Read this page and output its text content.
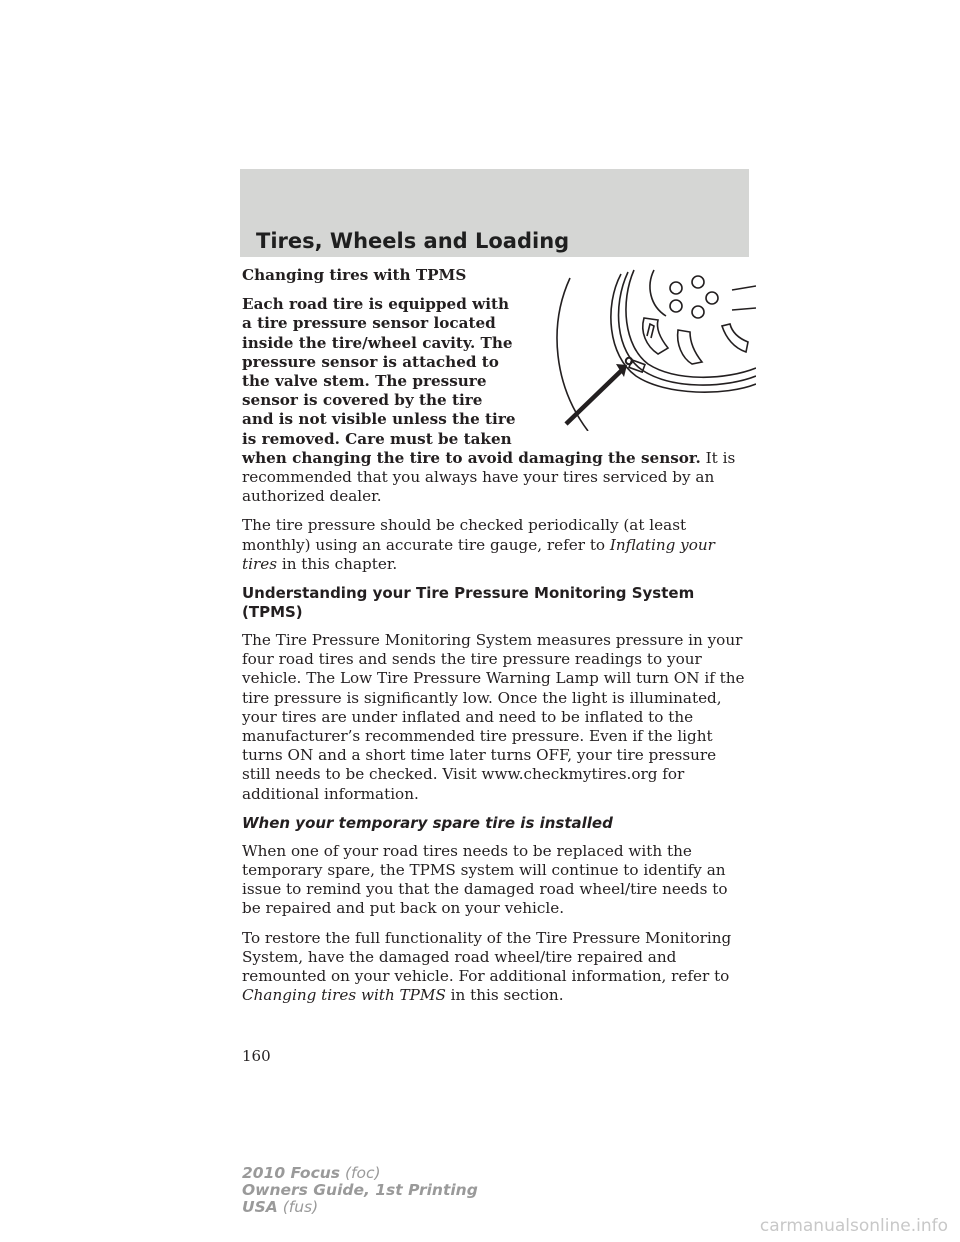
Tires, Wheels and Loading

Changing tires with TPMS

Each road tire is equipped with a tire pressure sensor located inside the tire/wheel cavity. The pressure sensor is attached to the valve stem. The pressure sensor is covered by the tire and is not visible unless the tire is removed. Care must be taken when changing the tire to avoid damaging the sensor. It is recommended that you always have your tires serviced by an authorized dealer.

The tire pressure should be checked periodically (at least monthly) using an accurate tire gauge, refer to Inflating your tires in this chapter.

Understanding your Tire Pressure Monitoring System (TPMS)

The Tire Pressure Monitoring System measures pressure in your four road tires and sends the tire pressure readings to your vehicle. The Low Tire Pressure Warning Lamp will turn ON if the tire pressure is significantly low. Once the light is illuminated, your tires are under inflated and need to be inflated to the manufacturer’s recommended tire pressure. Even if the light turns ON and a short time later turns OFF, your tire pressure still needs to be checked. Visit www.checkmytires.org for additional information.

When your temporary spare tire is installed

When one of your road tires needs to be replaced with the temporary spare, the TPMS system will continue to identify an issue to remind you that the damaged road wheel/tire needs to be repaired and put back on your vehicle.

To restore the full functionality of the Tire Pressure Monitoring System, have the damaged road wheel/tire repaired and remounted on your vehicle. For additional information, refer to Changing tires with TPMS in this section.

160
2010 Focus (foc)
Owners Guide, 1st Printing
USA (fus)
carmanualsonline.info
